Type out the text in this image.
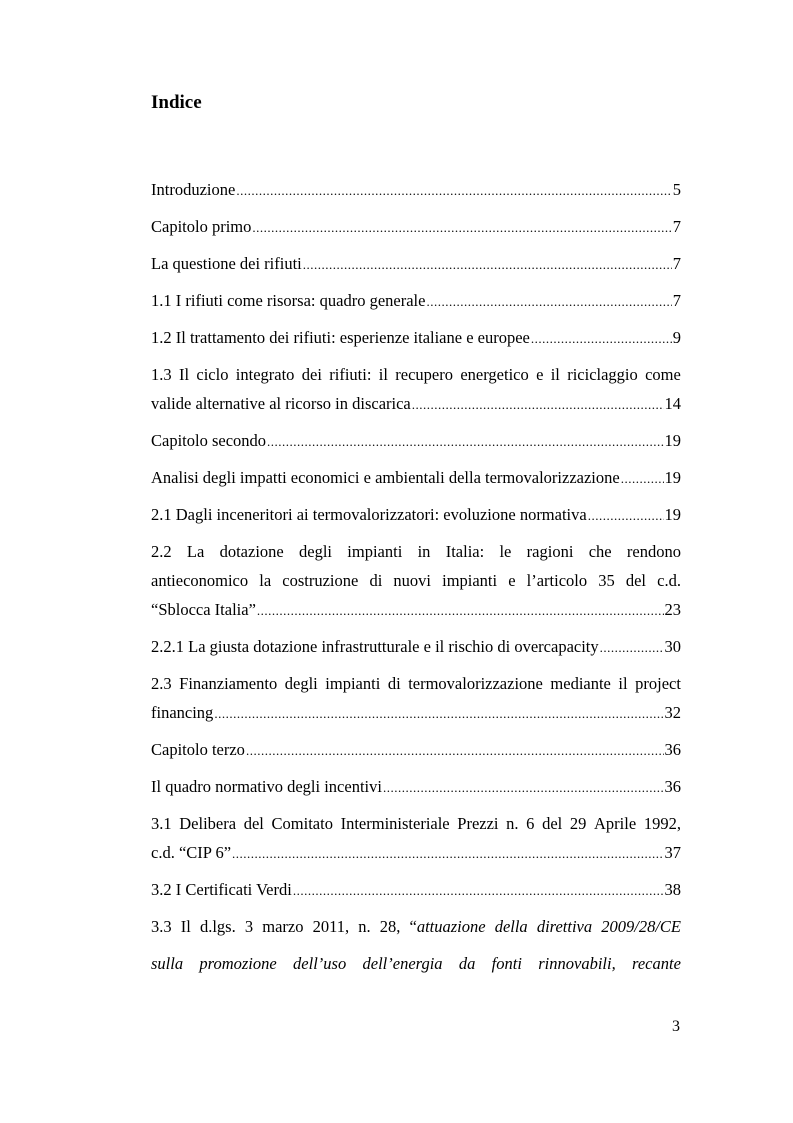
Indice
Introduzione .....	5
Capitolo primo .....	7
La questione dei rifiuti .....	7
1.1 I rifiuti come risorsa: quadro generale .....	7
1.2 Il trattamento dei rifiuti: esperienze italiane e europee .....	9
1.3 Il ciclo integrato dei rifiuti: il recupero energetico e il riciclaggio come
valide alternative al ricorso in discarica .....	14
Capitolo secondo .....	19
Analisi degli impatti economici e ambientali della termovalorizzazione .....	19
2.1 Dagli inceneritori ai termovalorizzatori: evoluzione normativa .....	19
2.2 La dotazione degli impianti in Italia: le ragioni che rendono
antieconomico la costruzione di nuovi impianti e l’articolo 35 del c.d.
“Sblocca Italia” .....	23
2.2.1 La giusta dotazione infrastrutturale e il rischio di overcapacity .....	30
2.3 Finanziamento degli impianti di termovalorizzazione mediante il project
financing .....	32
Capitolo terzo .....	36
Il quadro normativo degli incentivi .....	36
3.1 Delibera del Comitato Interministeriale Prezzi n. 6 del 29 Aprile 1992,
c.d. “CIP 6” .....	37
3.2 I Certificati Verdi .....	38
3.3 Il d.lgs. 3 marzo 2011, n. 28, “attuazione della direttiva 2009/28/CE
sulla promozione dell’uso dell’energia da fonti rinnovabili, recante
3
